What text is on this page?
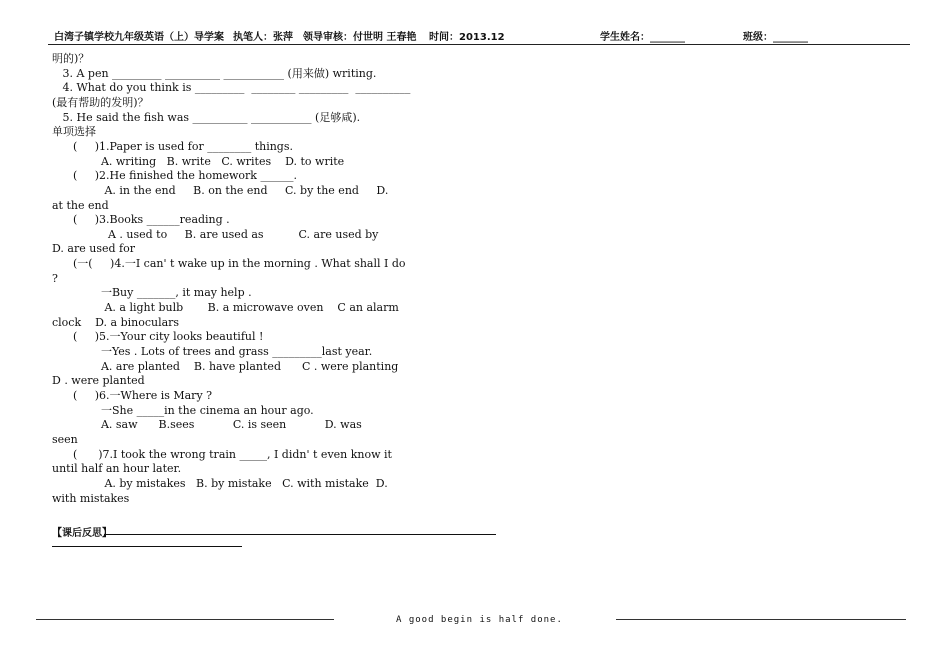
白湾子镇学校九年级英语（上）导学案 执笔人：张萍 领导审核：付世明 王春艳 时间：2013.12	学生姓名：_______	班级：_______
明的)？
3. A pen _________ __________ ___________ (用来做) writing.
4. What do you think is _________  ________ _________  __________
(最有帮助的发明)？
5. He said the fish was __________ ___________ (足够咸).
单项选择
(     )1.Paper is used for ________ things.
A. writing   B. write   C. writes    D. to write
(     )2.He finished the homework ______.
A. in the end     B. on the end     C. by the end     D.
at the end
(     )3.Books ______reading .
A . used to     B. are used as          C. are used by
D. are used for
(一(     )4.一I can' t wake up in the morning . What shall I do
?
一Buy _______, it may help .
A. a light bulb       B. a microwave oven    C an alarm
clock    D. a binoculars
(     )5.一Your city looks beautiful !
一Yes . Lots of trees and grass _________last year.
A. are planted    B. have planted      C . were planting
D . were planted
(     )6.一Where is Mary ?
一She _____in the cinema an hour ago.
A. saw      B.sees           C. is seen           D. was
seen
(      )7.I took the wrong train _____, I didn' t even know it
until half an hour later.
A. by mistakes   B. by mistake   C. with mistake  D.
with mistakes
【课后反思】
A good begin is half done.
